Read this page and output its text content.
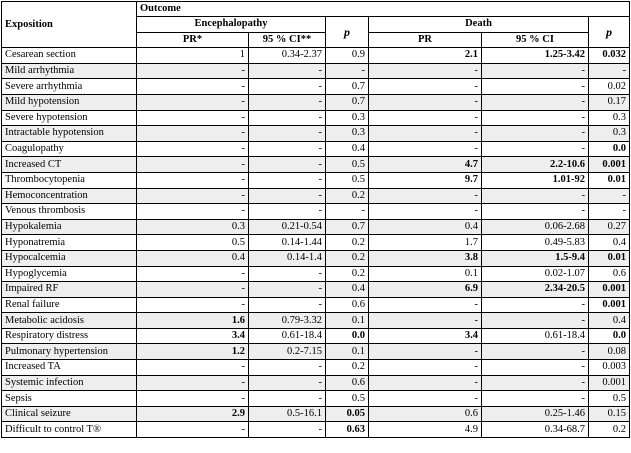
Exposition	Outcome					
	Encephalopathy		p	Death		p
	PR*	95 % CI**		PR	95 % CI	
Cesarean section	1	0.34-2.37	0.9	2.1	1.25-3.42	0.032
Mild arrhythmia	-	-	-	-	-	-
Severe arrhythmia	-	-	0.7	-	-	0.02
Mild hypotension	-	-	0.7	-	-	0.17
Severe hypotension	-	-	0.3	-	-	0.3
Intractable hypotension	-	-	0.3	-	-	0.3
Coagulopathy	-	-	0.4	-	-	0.0
Increased CT	-	-	0.5	4.7	2.2-10.6	0.001
Thrombocytopenia	-	-	0.5	9.7	1.01-92	0.01
Hemoconcentration	-	-	0.2	-	-	-
Venous thrombosis	-	-	-	-	-	-
Hypokalemia	0.3	0.21-0.54	0.7	0.4	0.06-2.68	0.27
Hyponatremia	0.5	0.14-1.44	0.2	1.7	0.49-5.83	0.4
Hypocalcemia	0.4	0.14-1.4	0.2	3.8	1.5-9.4	0.01
Hypoglycemia	-	-	0.2	0.1	0.02-1.07	0.6
Impaired RF	-	-	0.4	6.9	2.34-20.5	0.001
Renal failure	-	-	0.6	-	-	0.001
Metabolic acidosis	1.6	0.79-3.32	0.1	-	-	0.4
Respiratory distress	3.4	0.61-18.4	0.0	3.4	0.61-18.4	0.0
Pulmonary hypertension	1.2	0.2-7.15	0.1	-	-	0.08
Increased TA	-	-	0.2	-	-	0.003
Systemic infection	-	-	0.6	-	-	0.001
Sepsis	-	-	0.5	-	-	0.5
Clinical seizure	2.9	0.5-16.1	0.05	0.6	0.25-1.46	0.15
Difficult to control T®	-	-	0.63	4.9	0.34-68.7	0.2
